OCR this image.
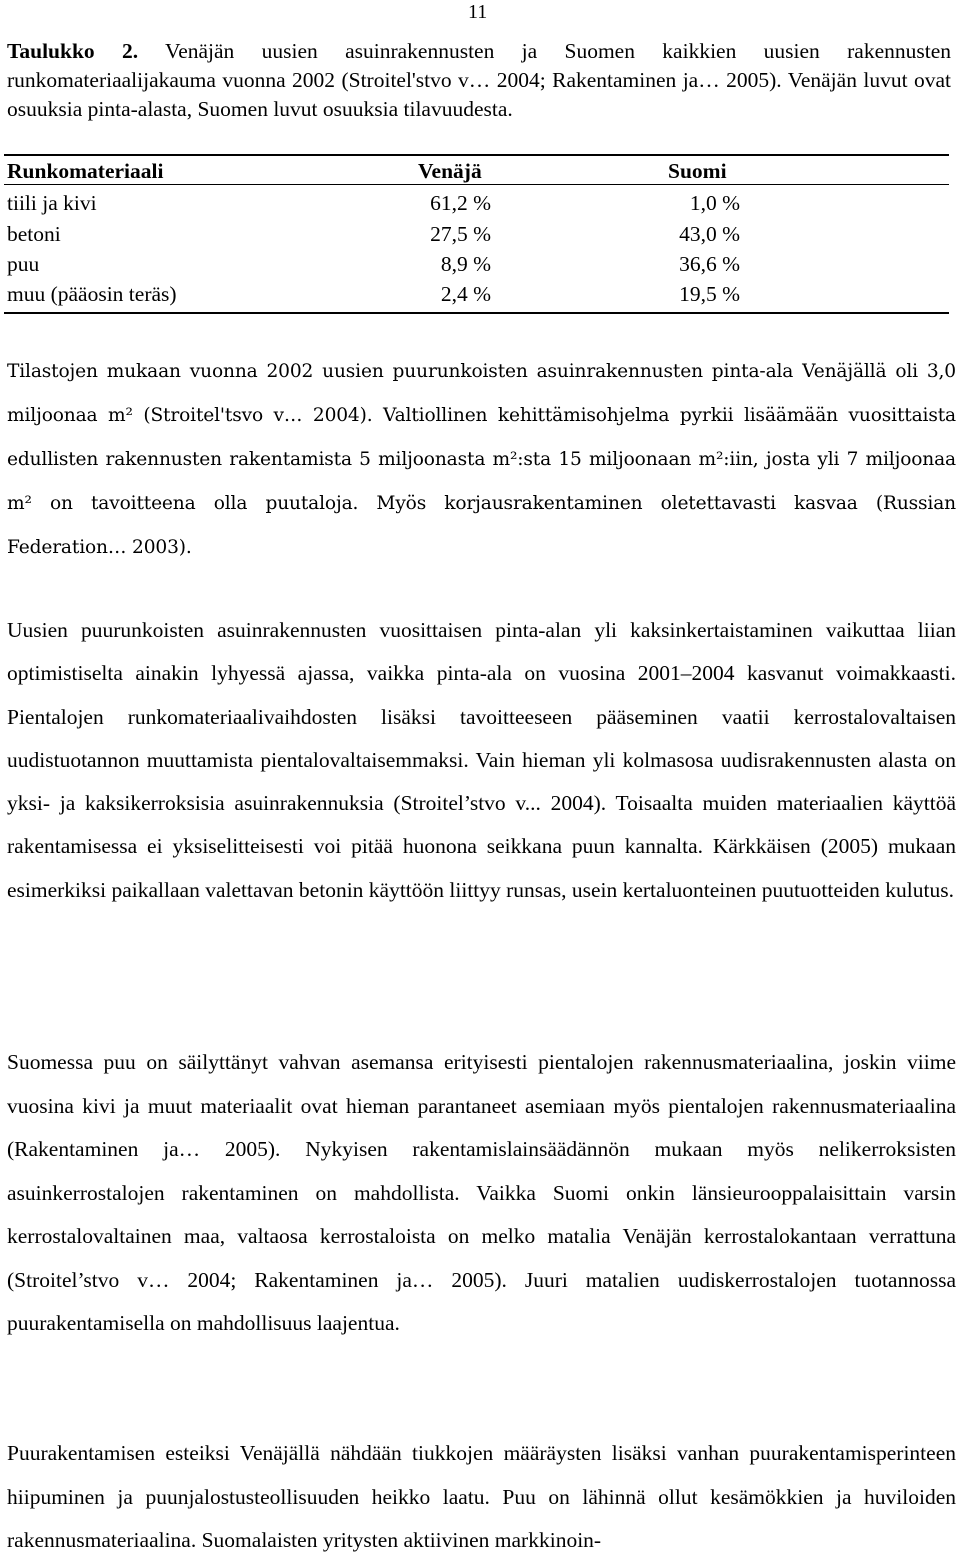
11
Taulukko 2. Venäjän uusien asuinrakennusten ja Suomen kaikkien uusien rakennusten runkomateriaalijakauma vuonna 2002 (Stroitel'stvo v… 2004; Rakentaminen ja… 2005). Venäjän luvut ovat osuuksia pinta-alasta, Suomen luvut osuuksia tilavuudesta.
Runkomateriaali	Venäjä	Suomi
tiili ja kivi	61,2 %	1,0 %
betoni	27,5 %	43,0 %
puu	8,9 %	36,6 %
muu (pääosin teräs)	2,4 %	19,5 %
Tilastojen mukaan vuonna 2002 uusien puurunkoisten asuinrakennusten pinta-ala Venäjällä oli 3,0 miljoonaa m² (Stroitel'tsvo v… 2004). Valtiollinen kehittämisohjelma pyrkii lisäämään vuosittaista edullisten rakennusten rakentamista 5 miljoonasta m²:sta 15 miljoonaan m²:iin, josta yli 7 miljoonaa m² on tavoitteena olla puutaloja. Myös korjausrakentaminen oletettavasti kasvaa (Russian Federation… 2003).
Uusien puurunkoisten asuinrakennusten vuosittaisen pinta-alan yli kaksinkertaistaminen vaikuttaa liian optimistiselta ainakin lyhyessä ajassa, vaikka pinta-ala on vuosina 2001–2004 kasvanut voimakkaasti. Pientalojen runkomateriaalivaihdosten lisäksi tavoitteeseen pääseminen vaatii kerrostalovaltaisen uudistuotannon muuttamista pientalovaltaisemmaksi. Vain hieman yli kolmasosa uudisrakennusten alasta on yksi- ja kaksikerroksisia asuinrakennuksia (Stroitel’stvo v... 2004). Toisaalta muiden materiaalien käyttöä rakentamisessa ei yksiselitteisesti voi pitää huonona seikkana puun kannalta. Kärkkäisen (2005) mukaan esimerkiksi paikallaan valettavan betonin käyttöön liittyy runsas, usein kertaluonteinen puutuotteiden kulutus.
Suomessa puu on säilyttänyt vahvan asemansa erityisesti pientalojen rakennusmateriaalina, joskin viime vuosina kivi ja muut materiaalit ovat hieman parantaneet asemiaan myös pientalojen rakennusmateriaalina (Rakentaminen ja… 2005). Nykyisen rakentamislainsäädännön mukaan myös nelikerroksisten asuinkerrostalojen rakentaminen on mahdollista. Vaikka Suomi onkin länsieurooppalaisittain varsin kerrostalovaltainen maa, valtaosa kerrostaloista on melko matalia Venäjän kerrostalokantaan verrattuna (Stroitel’stvo v… 2004; Rakentaminen ja… 2005). Juuri matalien uudiskerrostalojen tuotannossa puurakentamisella on mahdollisuus laajentua.
Puurakentamisen esteiksi Venäjällä nähdään tiukkojen määräysten lisäksi vanhan puurakentamisperinteen hiipuminen ja puunjalostusteollisuuden heikko laatu. Puu on lähinnä ollut kesämökkien ja huviloiden rakennusmateriaalina. Suomalaisten yritysten aktiivinen markkinoin-
